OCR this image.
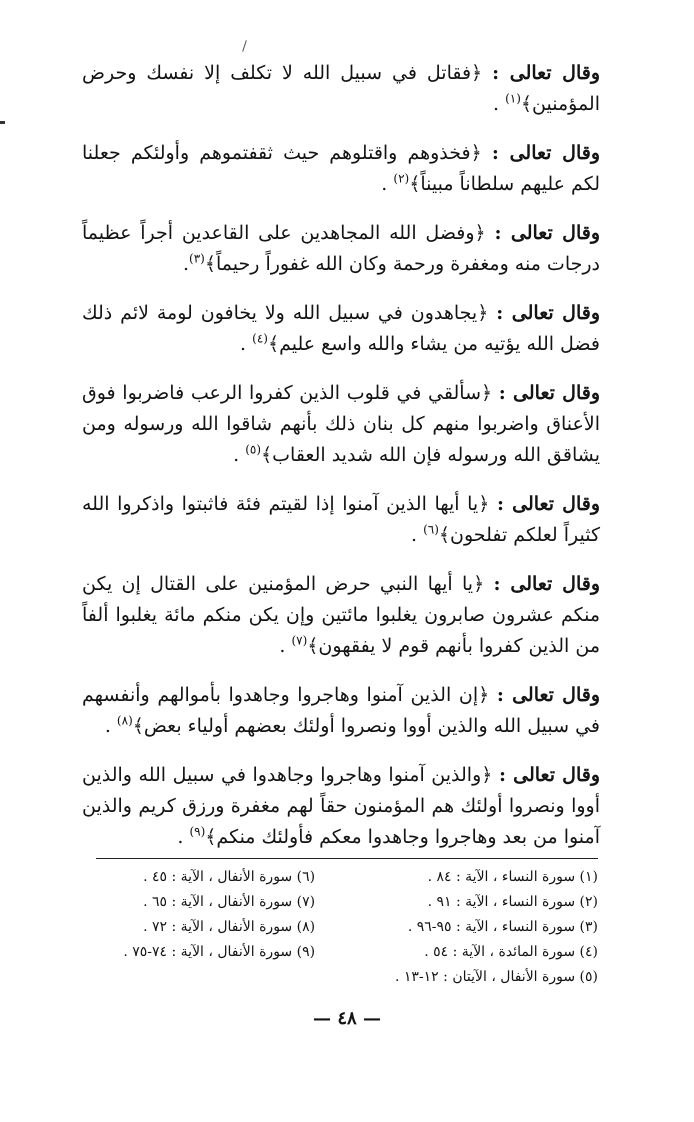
وقال تعالى : ﴿فقاتل في سبيل الله لا تكلف إلا نفسك وحرض المؤمنين﴾$^{(١)}$ .

وقال تعالى : ﴿فخذوهم واقتلوهم حيث ثقفتموهم وأولئكم جعلنا لكم عليهم سلطاناً مبيناً﴾$^{(٢)}$ .

وقال تعالى : ﴿وفضل الله المجاهدين على القاعدين أجراً عظيماً درجات منه ومغفرة ورحمة وكان الله غفوراً رحيماً﴾$^{(٣)}$.

وقال تعالى : ﴿يجاهدون في سبيل الله ولا يخافون لومة لائم ذلك فضل الله يؤتيه من يشاء والله واسع عليم﴾$^{(٤)}$ .

وقال تعالى : ﴿سألقي في قلوب الذين كفروا الرعب فاضربوا فوق الأعناق واضربوا منهم كل بنان ذلك بأنهم شاقوا الله ورسوله ومن يشاقق الله ورسوله فإن الله شديد العقاب﴾$^{(٥)}$ .

وقال تعالى : ﴿يا أيها الذين آمنوا إذا لقيتم فئة فاثبتوا واذكروا الله كثيراً لعلكم تفلحون﴾$^{(٦)}$ .

وقال تعالى : ﴿يا أيها النبي حرض المؤمنين على القتال إن يكن منكم عشرون صابرون يغلبوا مائتين وإن يكن منكم مائة يغلبوا ألفاً من الذين كفروا بأنهم قوم لا يفقهون﴾$^{(٧)}$ .

وقال تعالى : ﴿إن الذين آمنوا وهاجروا وجاهدوا بأموالهم وأنفسهم في سبيل الله والذين أووا ونصروا أولئك بعضهم أولياء بعض﴾$^{(٨)}$ .

وقال تعالى : ﴿والذين آمنوا وهاجروا وجاهدوا في سبيل الله والذين أووا ونصروا أولئك هم المؤمنون حقاً لهم مغفرة ورزق كريم والذين آمنوا من بعد وهاجروا وجاهدوا معكم فأولئك منكم﴾$^{(٩)}$ .

(١) سورة النساء ، الآية : ٨٤ .
(٢) سورة النساء ، الآية : ٩١ .
(٣) سورة النساء ، الآية : ٩٥-٩٦ .
(٤) سورة المائدة ، الآية : ٥٤ .
(٥) سورة الأنفال ، الآيتان : ١٢-١٣ .
(٦) سورة الأنفال ، الآية : ٤٥ .
(٧) سورة الأنفال ، الآية : ٦٥ .
(٨) سورة الأنفال ، الآية : ٧٢ .
(٩) سورة الأنفال ، الآية : ٧٤-٧٥ .
— ٤٨ —
